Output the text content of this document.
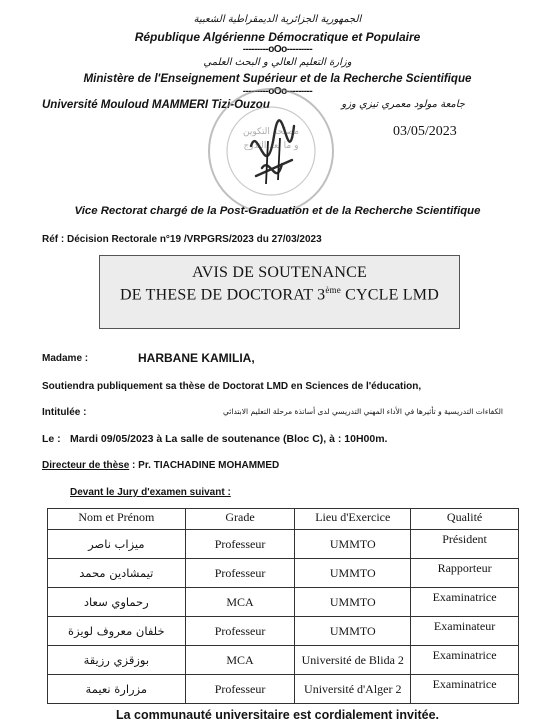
الجمهورية الجزائرية الديمقراطية الشعبية
République Algérienne Démocratique et Populaire
---------oOo---------
وزارة التعليم العالي و البحث العلمي
Ministère de l'Enseignement Supérieur et de la Recherche Scientifique
---------oOo---------
Université Mouloud MAMMERI Tizi-Ouzou	جامعة مولود معمري تيزي وزو
03/05/2023
مصلحة التكوين
و ما بعد التدرج
Vice Rectorat chargé de la Post-Graduation et de la Recherche Scientifique
Réf : Décision Rectorale n°19 /VRPGRS/2023 du 27/03/2023
AVIS DE SOUTENANCE
DE THESE DE DOCTORAT 3ème CYCLE LMD
Madame :	HARBANE KAMILIA,
Soutiendra publiquement sa thèse de Doctorat LMD en Sciences de l'éducation,
Intitulée :	الكفاءات التدريسية و تأثيرها في الأداء المهني التدريسي لدى أساتذة مرحلة التعليم الابتدائي
Le : Mardi 09/05/2023 à La salle de soutenance (Bloc C), à : 10H00m.
Directeur de thèse : Pr. TIACHADINE MOHAMMED
Devant le Jury d'examen suivant :
Nom et Prénom	Grade	Lieu d'Exercice	Qualité
ميزاب ناصر	Professeur	UMMTO	Président
تيمشادين محمد	Professeur	UMMTO	Rapporteur
رحماوي سعاد	MCA	UMMTO	Examinatrice
خلفان معروف لويزة	Professeur	UMMTO	Examinateur
بوزقزي رزيقة	MCA	Université de Blida 2	Examinatrice
مزرارة نعيمة	Professeur	Université d'Alger 2	Examinatrice
La communauté universitaire est cordialement invitée.
